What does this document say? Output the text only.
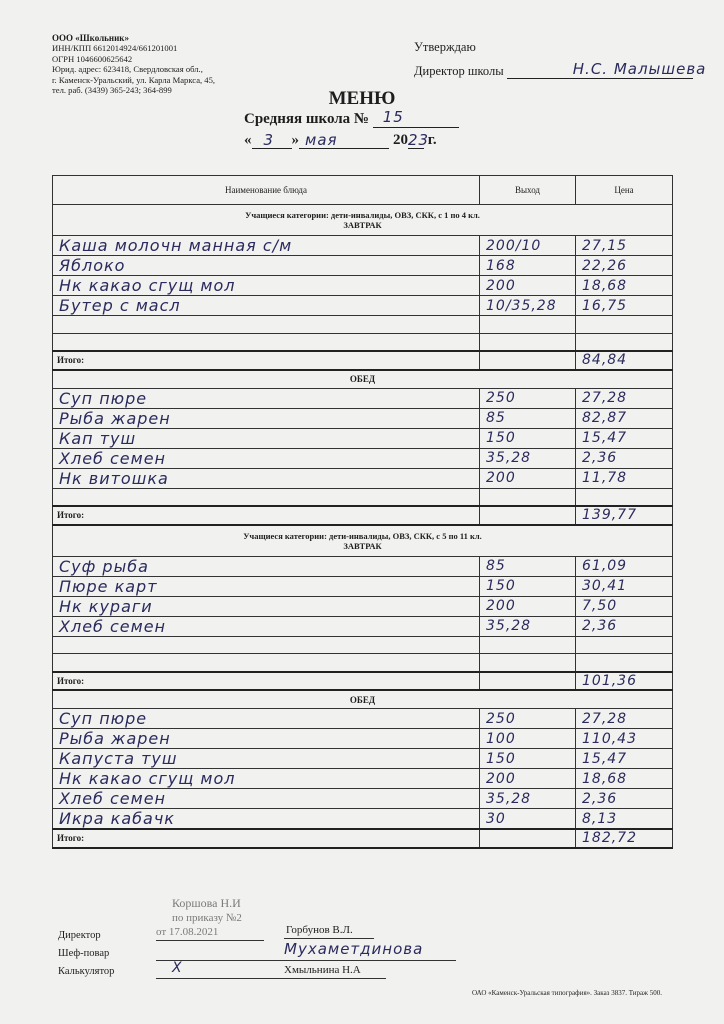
ООО «Школьник»
ИНН/КПП 6612014924/661201001
ОГРН 1046600625642
Юрид. адрес: 623418, Свердловская обл.,
г. Каменск-Уральский, ул. Карла Маркса, 45,
тел. раб. (3439) 365-243; 364-899
Утверждаю
Директор школы	Н.С. Малышева
МЕНЮ
Средняя школа № 15
« 3 » мая	20 23
г.
Наименование блюда	Выход	Цена

Учащиеся категории: дети-инвалиды, ОВЗ, СКК, с 1 по 4 кл.
ЗАВТРАК		

Каша молочн манная с/м	200/10	27,15
Яблоко	168	22,26
Нк какао сгущ мол	200	18,68
Бутер с масл	10/35,28	16,75

Итого:		84,84
ОБЕД		
Суп пюре	250	27,28
Рыба жарен	85	82,87
Кап туш	150	15,47
Хлеб семен	35,28	2,36
Нк витошка	200	11,78

Итого:		139,77

Учащиеся категории: дети-инвалиды, ОВЗ, СКК, с 5 по 11 кл.
ЗАВТРАК		

Суф рыба	85	61,09
Пюре карт	150	30,41
Нк кураги	200	7,50
Хлеб семен	35,28	2,36

Итого:		101,36
ОБЕД		
Суп пюре	250	27,28
Рыба жарен	100	110,43
Капуста туш	150	15,47
Нк какао сгущ мол	200	18,68
Хлеб семен	35,28	2,36
Икра кабачк	30	8,13
Итого:		182,72
Коршова Н.И
по приказу №2
от 17.08.2021
Директор	Горбунов В.Л.
Шеф-повар	Мухаметдинова
Калькулятор	Х	Хмыльнина Н.А
ОАО «Каменск-Уральская типография». Заказ 3837. Тираж 500.
